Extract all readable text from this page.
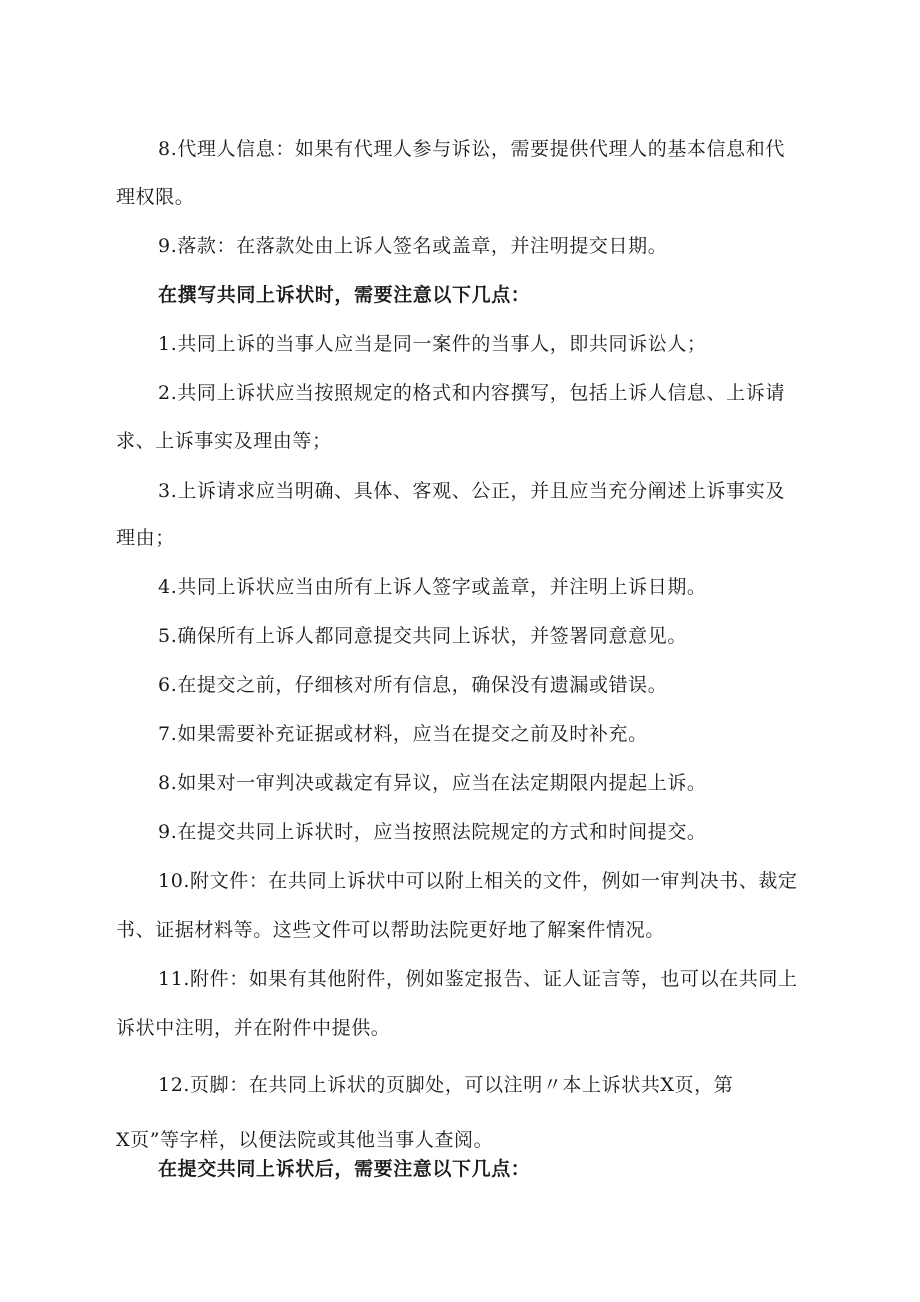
8.代理人信息：如果有代理人参与诉讼，需要提供代理人的基本信息和代
理权限。
9.落款：在落款处由上诉人签名或盖章，并注明提交日期。
在撰写共同上诉状时，需要注意以下几点：
1.共同上诉的当事人应当是同一案件的当事人，即共同诉讼人；
2.共同上诉状应当按照规定的格式和内容撰写，包括上诉人信息、上诉请
求、上诉事实及理由等；
3.上诉请求应当明确、具体、客观、公正，并且应当充分阐述上诉事实及
理由；
4.共同上诉状应当由所有上诉人签字或盖章，并注明上诉日期。
5.确保所有上诉人都同意提交共同上诉状，并签署同意意见。
6.在提交之前，仔细核对所有信息，确保没有遗漏或错误。
7.如果需要补充证据或材料，应当在提交之前及时补充。
8.如果对一审判决或裁定有异议，应当在法定期限内提起上诉。
9.在提交共同上诉状时，应当按照法院规定的方式和时间提交。
10.附文件：在共同上诉状中可以附上相关的文件，例如一审判决书、裁定
书、证据材料等。这些文件可以帮助法院更好地了解案件情况。
11.附件：如果有其他附件，例如鉴定报告、证人证言等，也可以在共同上
诉状中注明，并在附件中提供。
12.页脚：在共同上诉状的页脚处，可以注明〃本上诉状共X页，第
X页”等字样，以便法院或其他当事人查阅。
在提交共同上诉状后，需要注意以下几点：
